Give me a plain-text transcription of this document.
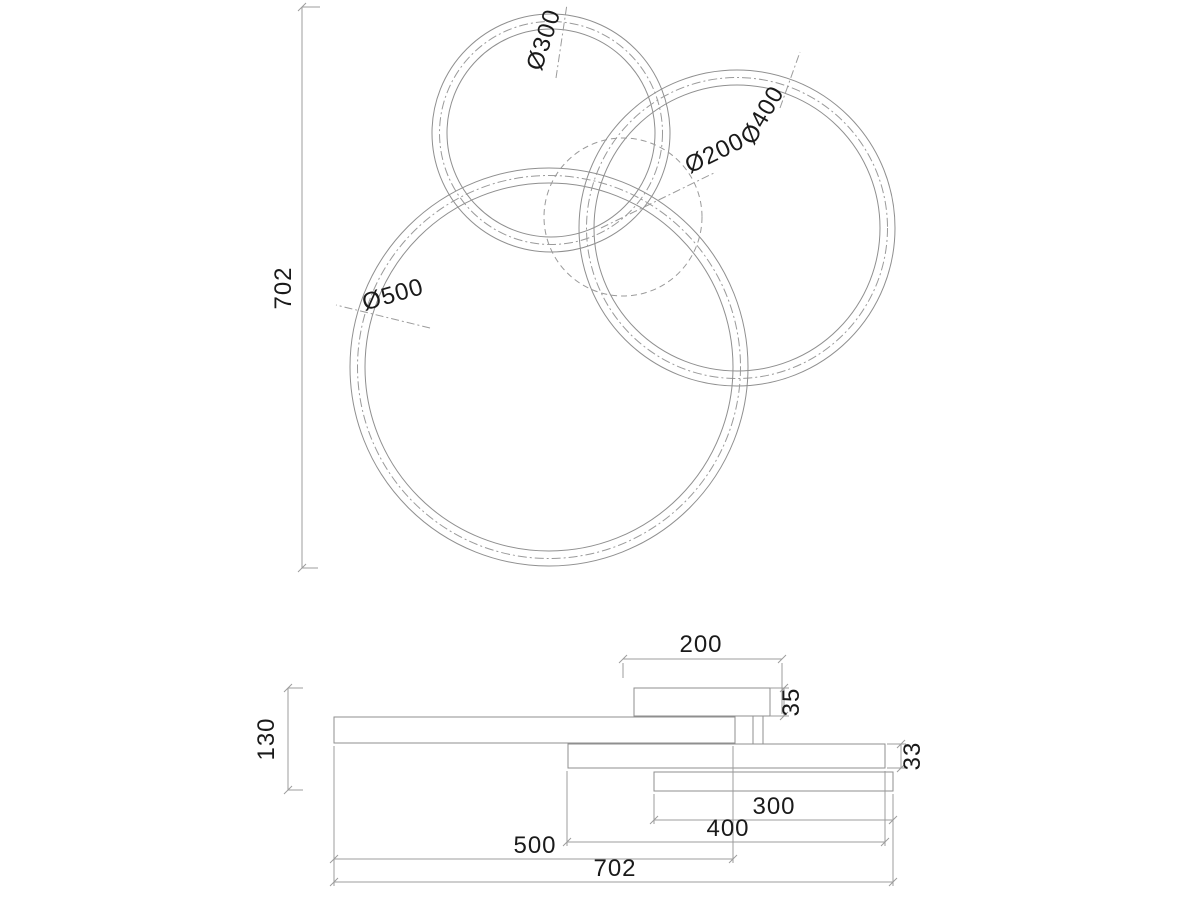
Ø300
Ø400
Ø200
Ø500
702
200
35
130	33
300
400
500
702
